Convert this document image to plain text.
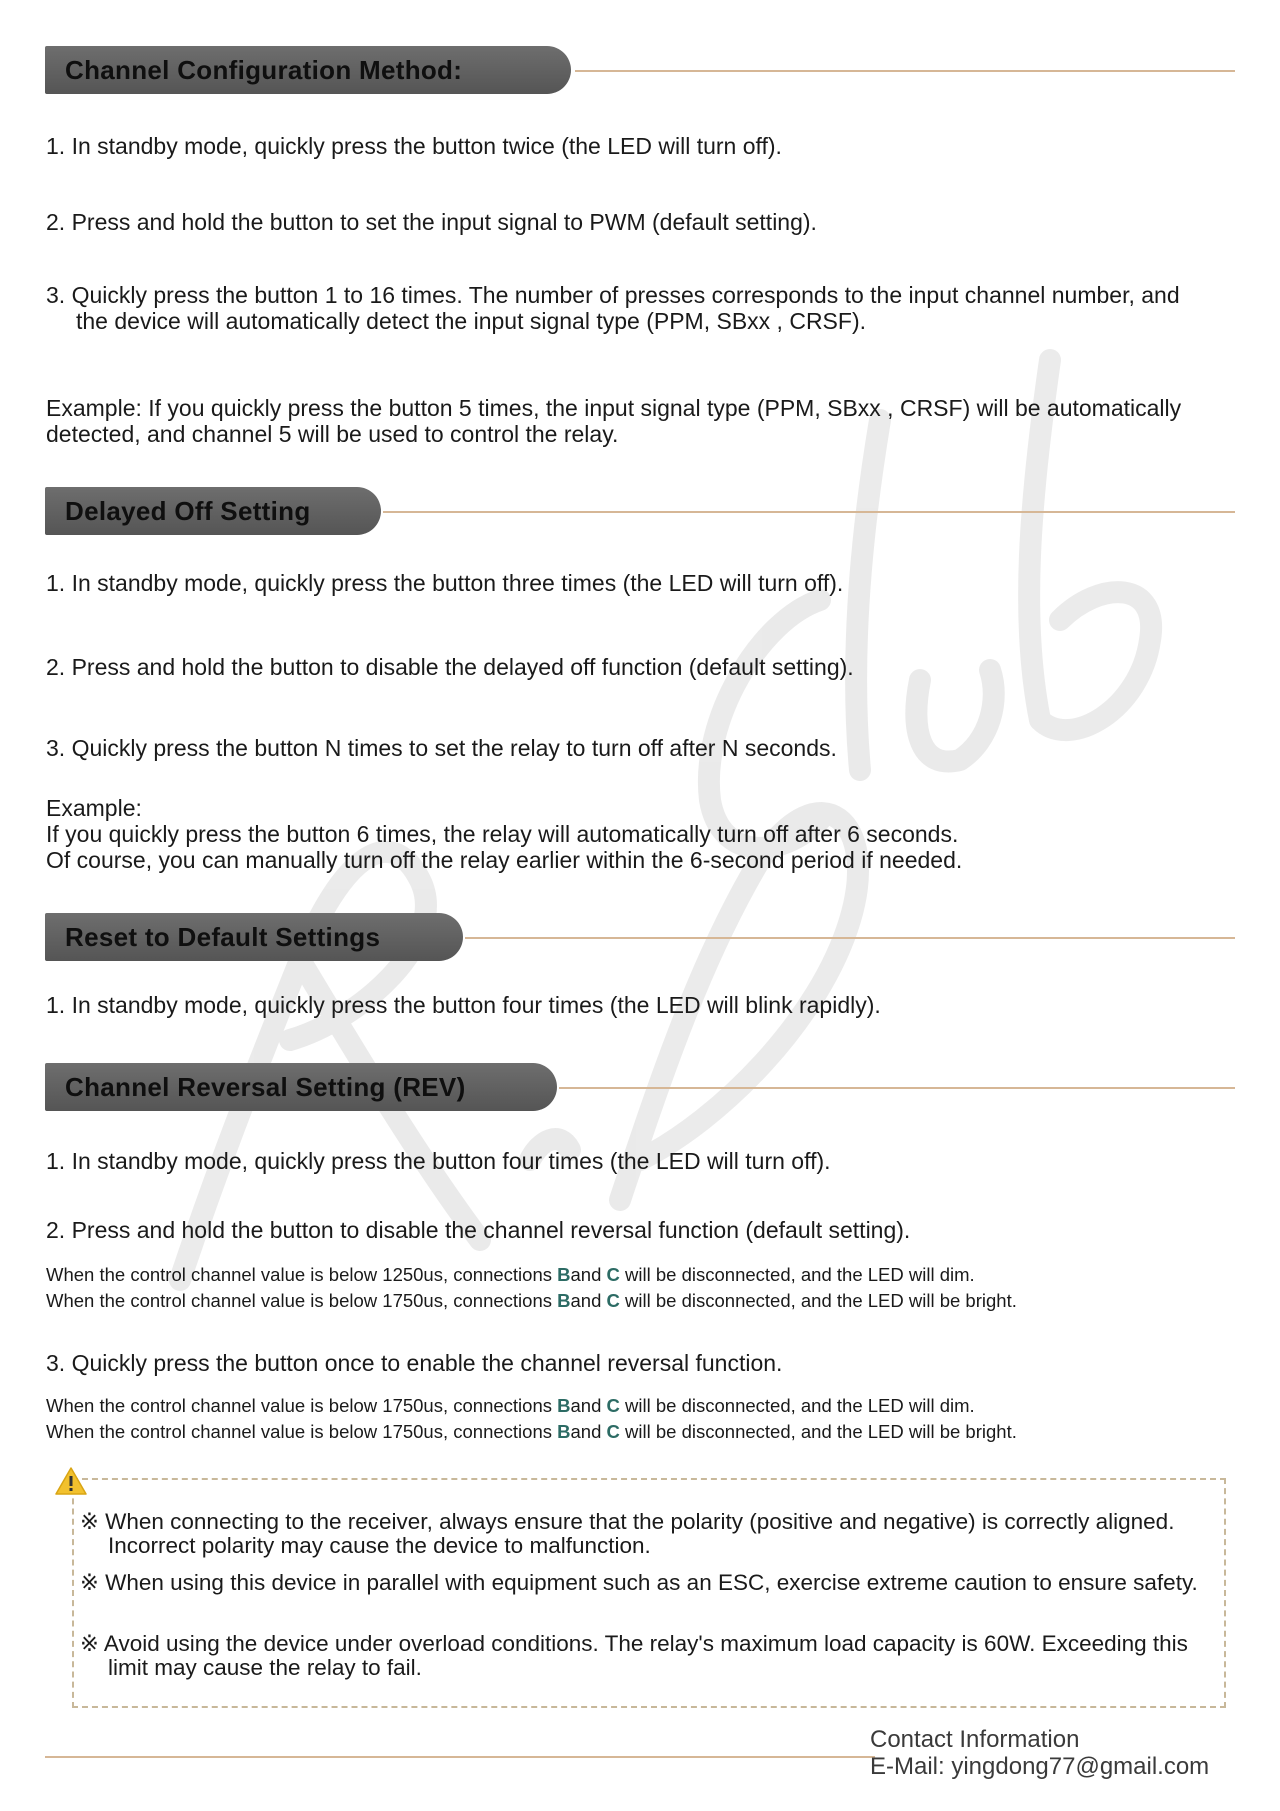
Channel Configuration Method:
1. In standby mode, quickly press the button twice (the LED will turn off).
2. Press and hold the button to set the input signal to PWM (default setting).
3. Quickly press the button 1 to 16 times. The number of presses corresponds to the input channel number, and the device will automatically detect the input signal type (PPM, SBxx , CRSF).
Example: If you quickly press the button 5 times, the input signal type (PPM, SBxx , CRSF) will be automatically detected, and channel 5 will be used to control the relay.
Delayed Off Setting
1. In standby mode, quickly press the button three times (the LED will turn off).
2. Press and hold the button to disable the delayed off function (default setting).
3. Quickly press the button N times to set the relay to turn off after N seconds.
Example:
If you quickly press the button 6 times, the relay will automatically turn off after 6 seconds.
Of course, you can manually turn off the relay earlier within the 6-second period if needed.
Reset to Default Settings
1. In standby mode, quickly press the button four times (the LED will blink rapidly).
Channel Reversal Setting (REV)
1. In standby mode, quickly press the button four times (the LED will turn off).
2. Press and hold the button to disable the channel reversal function (default setting).
When the control channel value is below 1250us, connections Band C will be disconnected, and the LED will dim.
When the control channel value is below 1750us, connections Band C will be disconnected, and the LED will be bright.
3. Quickly press the button once to enable the channel reversal function.
When the control channel value is below 1750us, connections Band C will be disconnected, and the LED will dim.
When the control channel value is below 1750us, connections Band C will be disconnected, and the LED will be bright.
※ When connecting to the receiver, always ensure that the polarity (positive and negative) is correctly aligned. Incorrect polarity may cause the device to malfunction.
※ When using this device in parallel with equipment such as an ESC, exercise extreme caution to ensure safety.
※ Avoid using the device under overload conditions. The relay's maximum load capacity is 60W. Exceeding this limit may cause the relay to fail.
Contact Information
E-Mail: yingdong77@gmail.com
